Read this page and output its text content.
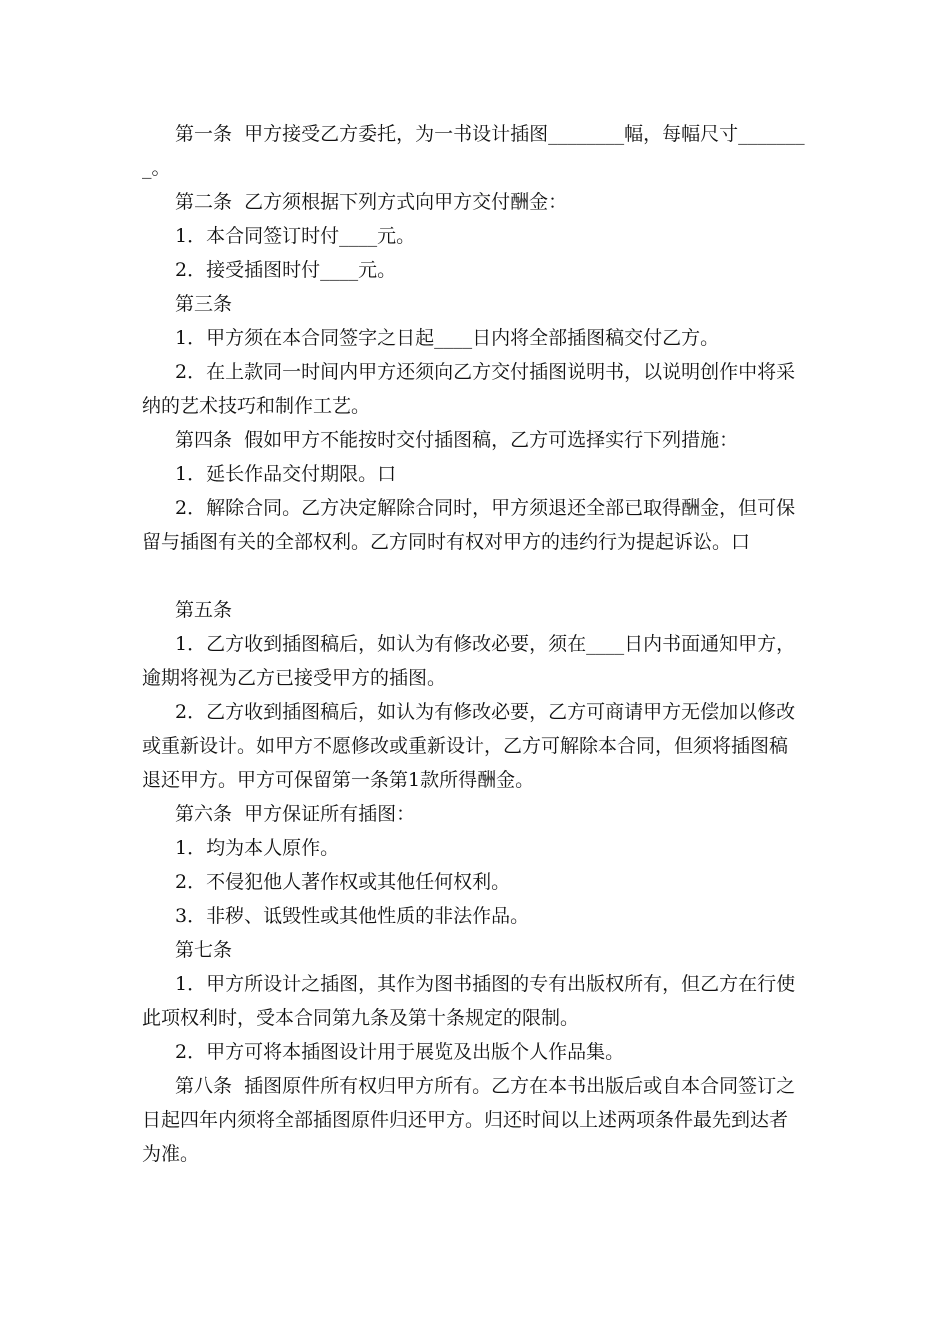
第一条  甲方接受乙方委托，为一书设计插图________幅，每幅尺寸_______

_。

第二条  乙方须根据下列方式向甲方交付酬金：

1．本合同签订时付____元。

2．接受插图时付____元。

第三条

1．甲方须在本合同签字之日起____日内将全部插图稿交付乙方。

2．在上款同一时间内甲方还须向乙方交付插图说明书，以说明创作中将采

纳的艺术技巧和制作工艺。

第四条  假如甲方不能按时交付插图稿，乙方可选择实行下列措施：

1．延长作品交付期限。口

2．解除合同。乙方决定解除合同时，甲方须退还全部已取得酬金，但可保

留与插图有关的全部权利。乙方同时有权对甲方的违约行为提起诉讼。口

第五条

1．乙方收到插图稿后，如认为有修改必要，须在____日内书面通知甲方，

逾期将视为乙方已接受甲方的插图。

2．乙方收到插图稿后，如认为有修改必要，乙方可商请甲方无偿加以修改

或重新设计。如甲方不愿修改或重新设计，乙方可解除本合同，但须将插图稿

退还甲方。甲方可保留第一条第1款所得酬金。

第六条  甲方保证所有插图：

1．均为本人原作。

2．不侵犯他人著作权或其他任何权利。

3．非秽、诋毁性或其他性质的非法作品。

第七条

1．甲方所设计之插图，其作为图书插图的专有出版权所有，但乙方在行使

此项权利时，受本合同第九条及第十条规定的限制。

2．甲方可将本插图设计用于展览及出版个人作品集。

第八条  插图原件所有权归甲方所有。乙方在本书出版后或自本合同签订之

日起四年内须将全部插图原件归还甲方。归还时间以上述两项条件最先到达者

为准。
